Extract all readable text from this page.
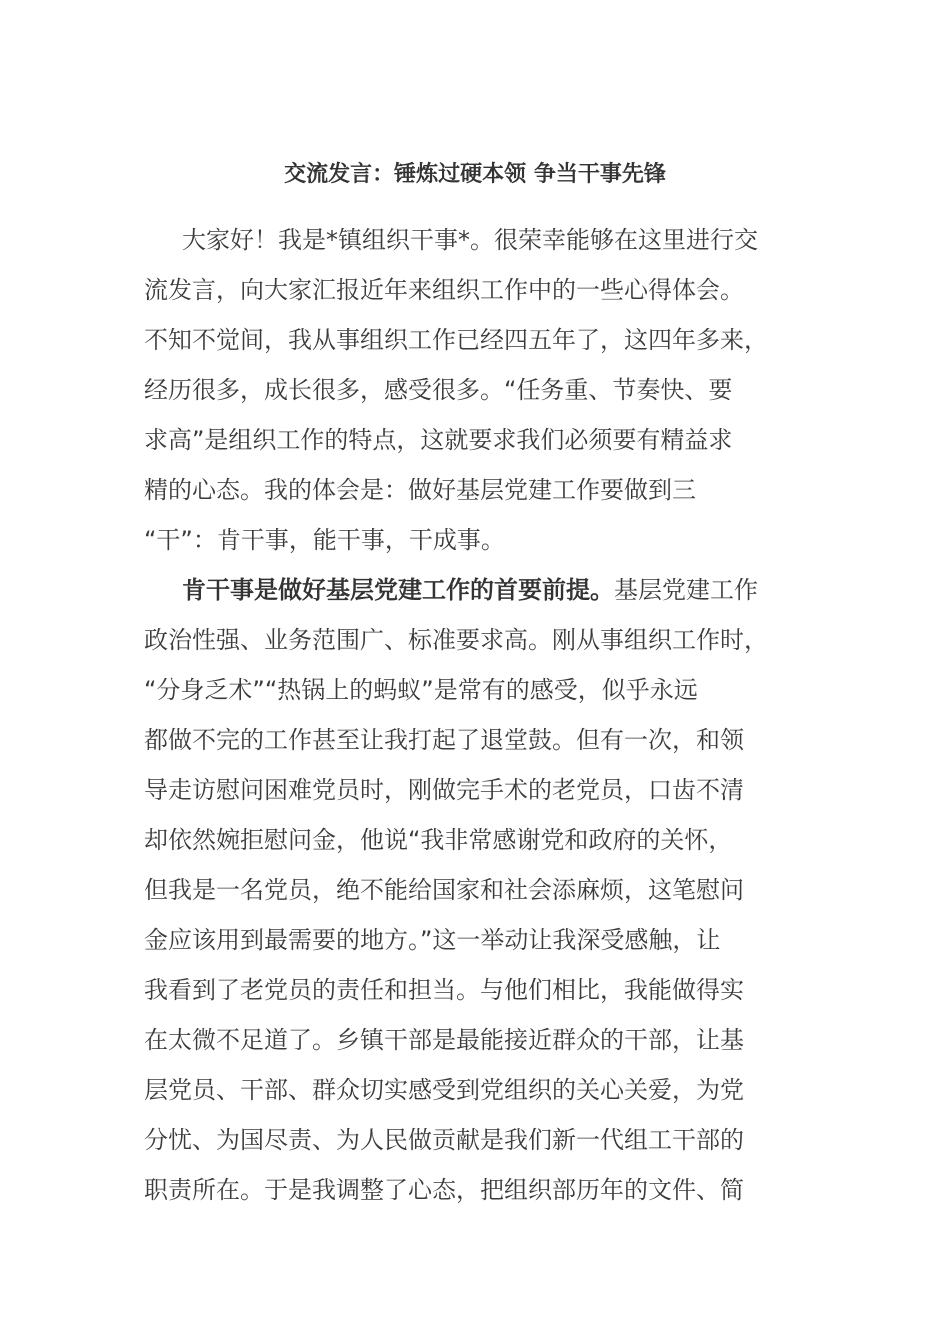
交流发言：锤炼过硬本领 争当干事先锋
大家好！我是*镇组织干事*。很荣幸能够在这里进行交
流发言，向大家汇报近年来组织工作中的一些心得体会。
不知不觉间，我从事组织工作已经四五年了，这四年多来，
经历很多，成长很多，感受很多。“任务重、节奏快、要
求高”是组织工作的特点，这就要求我们必须要有精益求
精的心态。我的体会是：做好基层党建工作要做到三
“干”：肯干事，能干事，干成事。
肯干事是做好基层党建工作的首要前提。基层党建工作
政治性强、业务范围广、标准要求高。刚从事组织工作时，
“分身乏术”“热锅上的蚂蚁”是常有的感受，似乎永远
都做不完的工作甚至让我打起了退堂鼓。但有一次，和领
导走访慰问困难党员时，刚做完手术的老党员，口齿不清
却依然婉拒慰问金，他说“我非常感谢党和政府的关怀，
但我是一名党员，绝不能给国家和社会添麻烦，这笔慰问
金应该用到最需要的地方。”这一举动让我深受感触，让
我看到了老党员的责任和担当。与他们相比，我能做得实
在太微不足道了。乡镇干部是最能接近群众的干部，让基
层党员、干部、群众切实感受到党组织的关心关爱，为党
分忧、为国尽责、为人民做贡献是我们新一代组工干部的
职责所在。于是我调整了心态，把组织部历年的文件、简
